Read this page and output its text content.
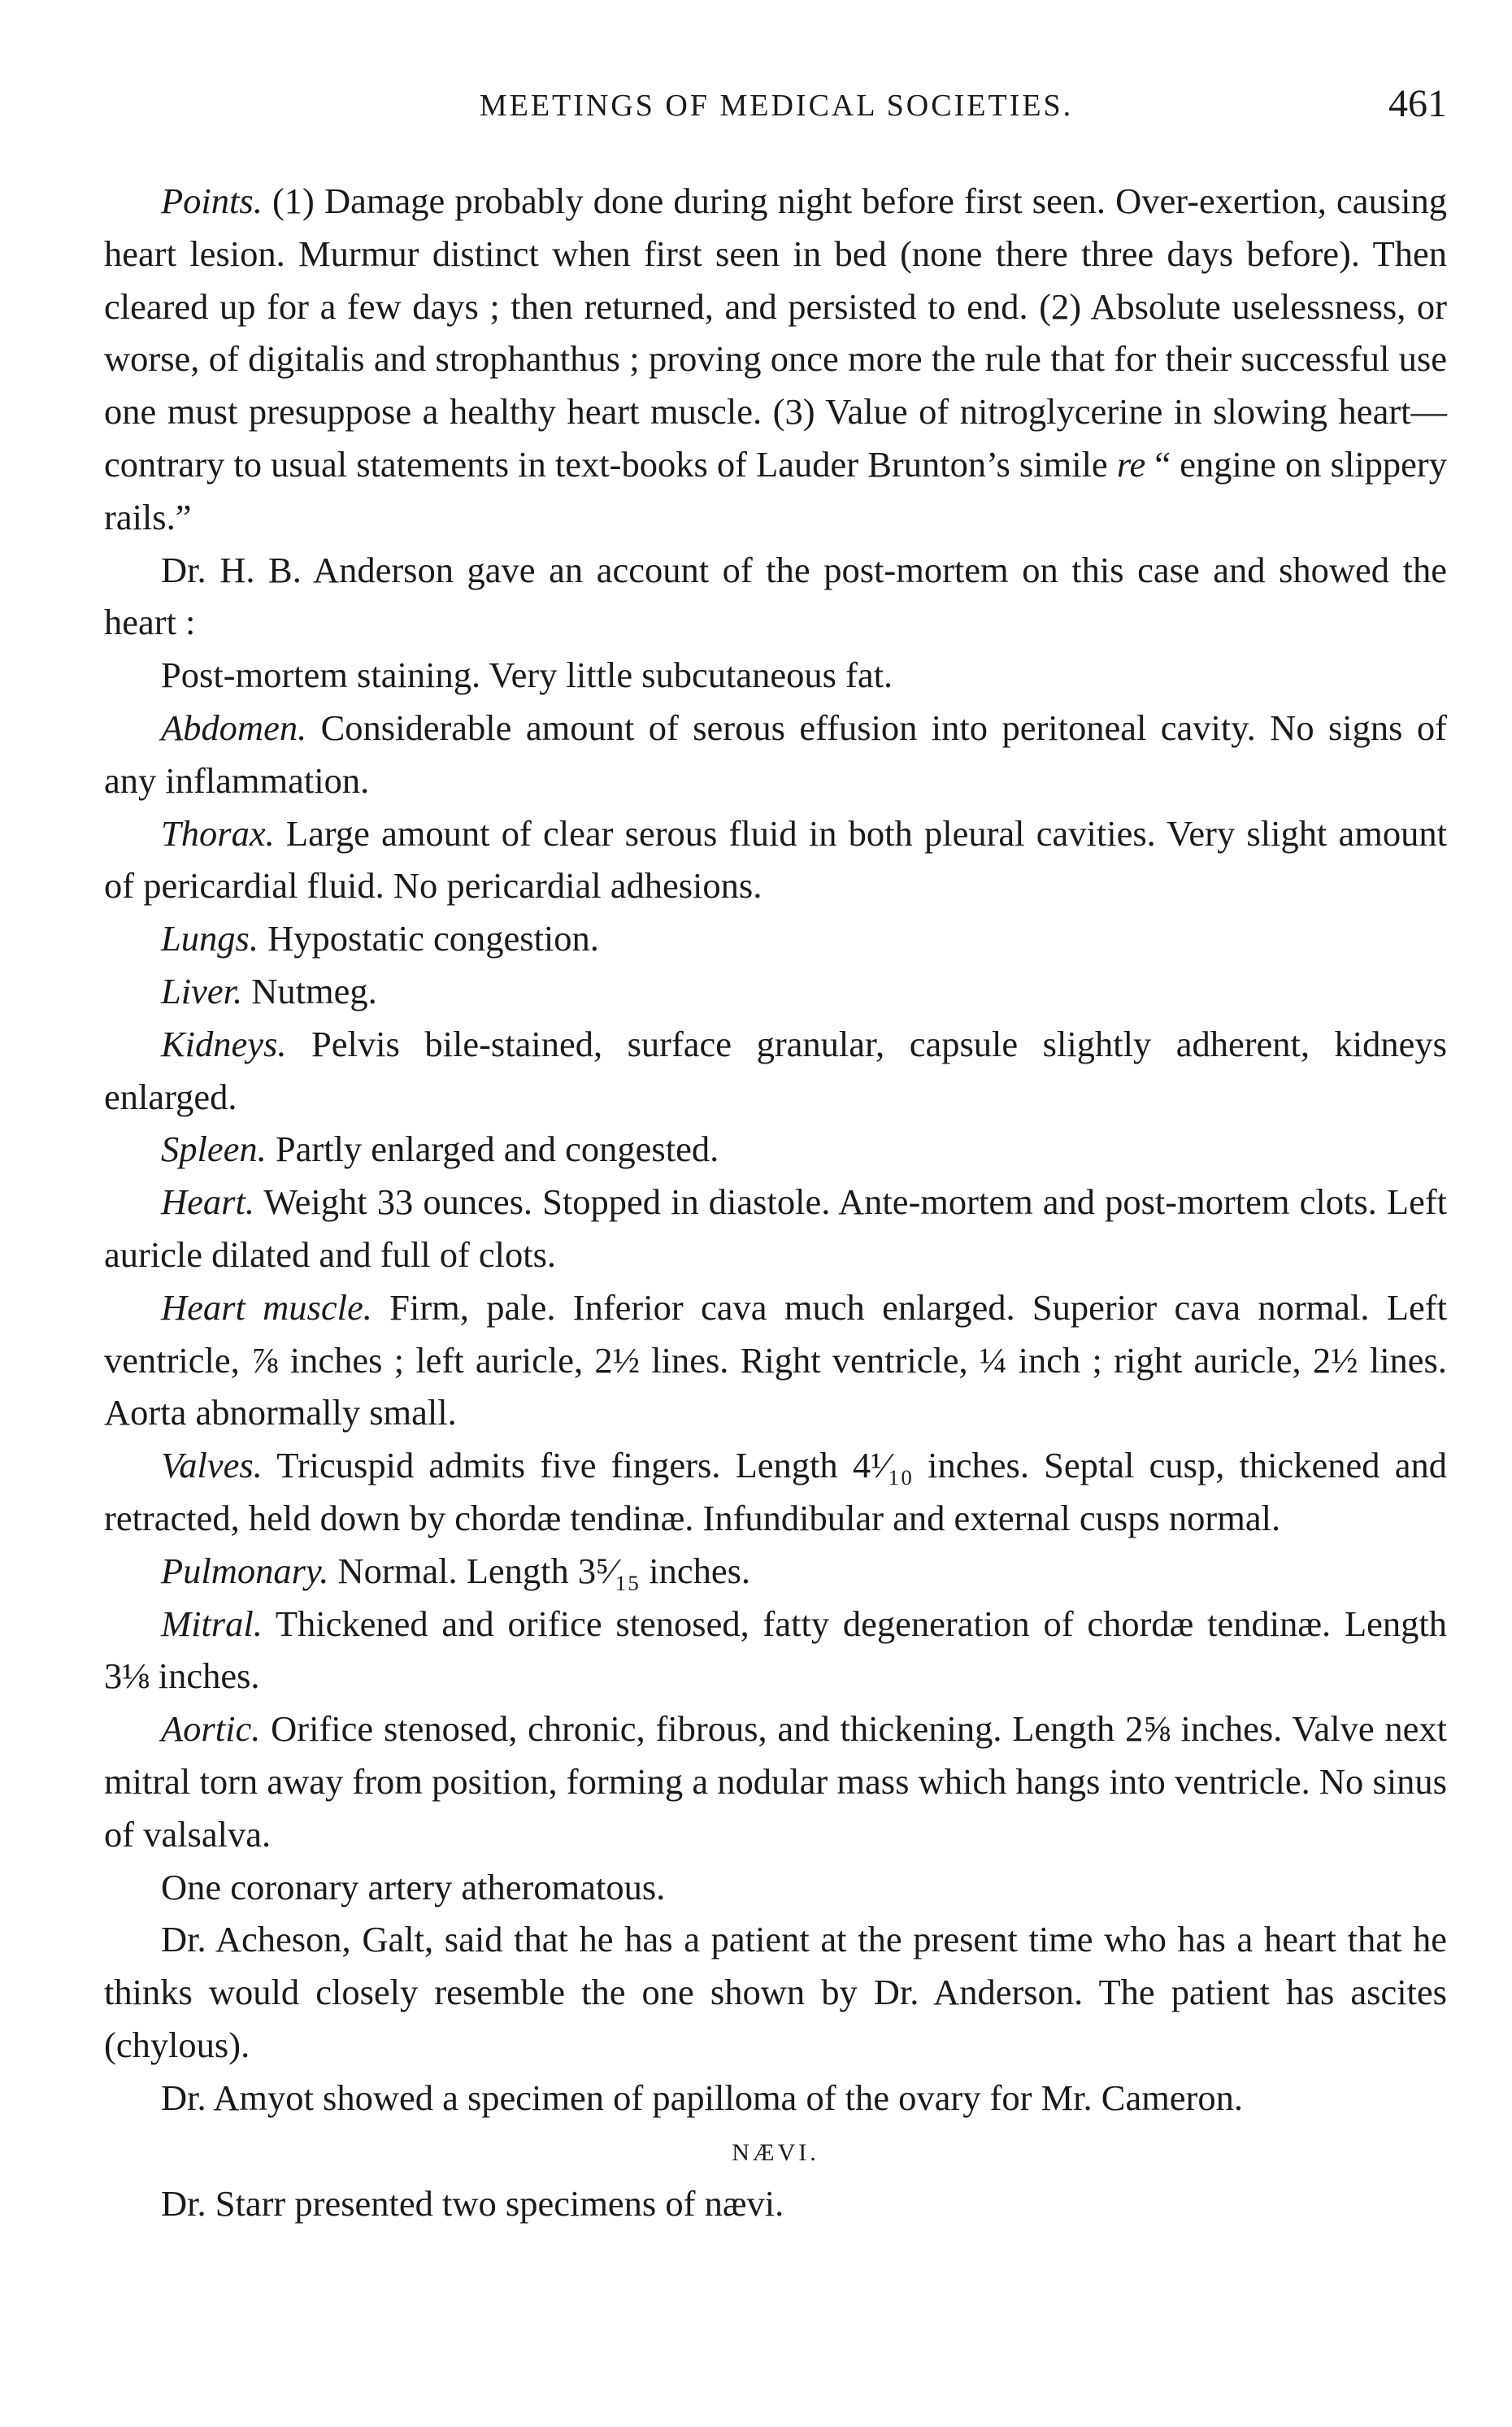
MEETINGS OF MEDICAL SOCIETIES.	461

Points. (1) Damage probably done during night before first seen. Over-exertion, causing heart lesion. Murmur distinct when first seen in bed (none there three days before). Then cleared up for a few days ; then returned, and persisted to end. (2) Absolute uselessness, or worse, of digitalis and strophanthus ; proving once more the rule that for their successful use one must presuppose a healthy heart muscle. (3) Value of nitroglycerine in slowing heart—contrary to usual statements in text-books of Lauder Brunton’s simile re “ engine on slippery rails.”

Dr. H. B. Anderson gave an account of the post-mortem on this case and showed the heart :

Post-mortem staining. Very little subcutaneous fat.

Abdomen. Considerable amount of serous effusion into peritoneal cavity. No signs of any inflammation.

Thorax. Large amount of clear serous fluid in both pleural cavities. Very slight amount of pericardial fluid. No pericardial adhesions.

Lungs. Hypostatic congestion.

Liver. Nutmeg.

Kidneys. Pelvis bile-stained, surface granular, capsule slightly adherent, kidneys enlarged.

Spleen. Partly enlarged and congested.

Heart. Weight 33 ounces. Stopped in diastole. Ante-mortem and post-mortem clots. Left auricle dilated and full of clots.

Heart muscle. Firm, pale. Inferior cava much enlarged. Superior cava normal. Left ventricle, ⅞ inches ; left auricle, 2½ lines. Right ventricle, ¼ inch ; right auricle, 2½ lines. Aorta abnormally small.

Valves. Tricuspid admits five fingers. Length 4¹⁄₁₀ inches. Septal cusp, thickened and retracted, held down by chordæ tendinæ. Infundibular and external cusps normal.

Pulmonary. Normal. Length 3⁵⁄₁₅ inches.

Mitral. Thickened and orifice stenosed, fatty degeneration of chordæ tendinæ. Length 3⅛ inches.

Aortic. Orifice stenosed, chronic, fibrous, and thickening. Length 2⅝ inches. Valve next mitral torn away from position, forming a nodular mass which hangs into ventricle. No sinus of valsalva.

One coronary artery atheromatous.

Dr. Acheson, Galt, said that he has a patient at the present time who has a heart that he thinks would closely resemble the one shown by Dr. Anderson. The patient has ascites (chylous).

Dr. Amyot showed a specimen of papilloma of the ovary for Mr. Cameron.

NÆVI.

Dr. Starr presented two specimens of nævi.
